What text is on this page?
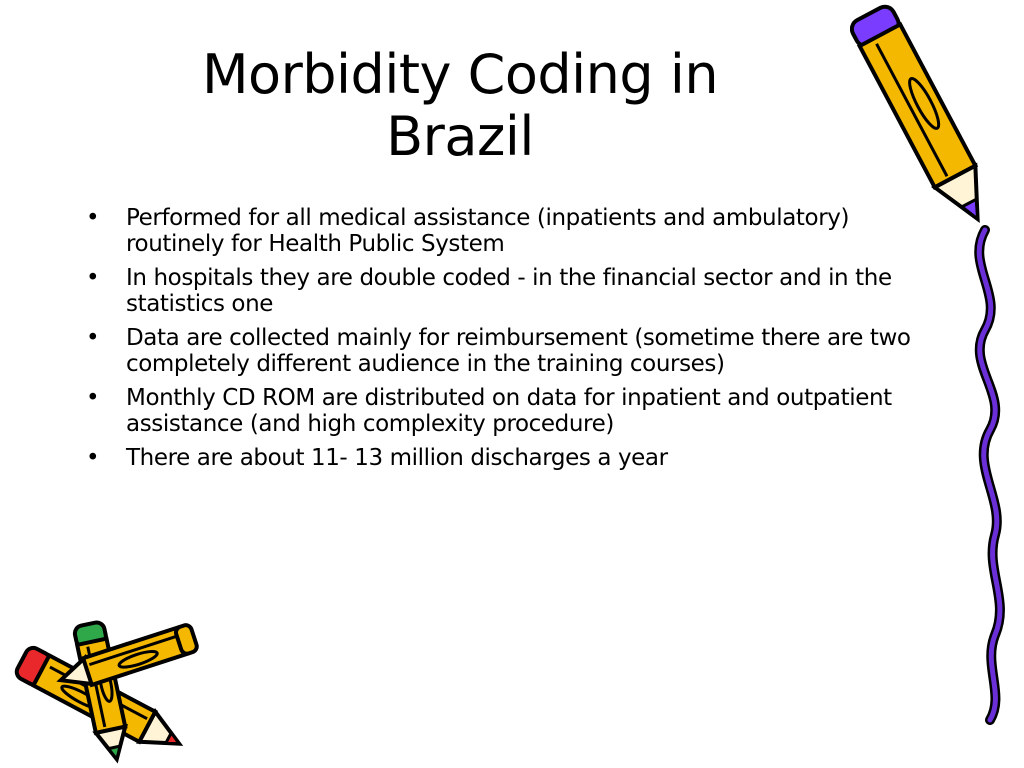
Morbidity Coding in
Brazil
• Performed for all medical assistance (inpatients and ambulatory) routinely for Health Public System
• In hospitals they are double coded - in the financial sector and in the statistics one
• Data are collected mainly for reimbursement (sometime there are two completely different audience in the training courses)
• Monthly CD ROM are distributed on data for inpatient and outpatient assistance (and high complexity procedure)
• There are about 11- 13 million discharges a year
